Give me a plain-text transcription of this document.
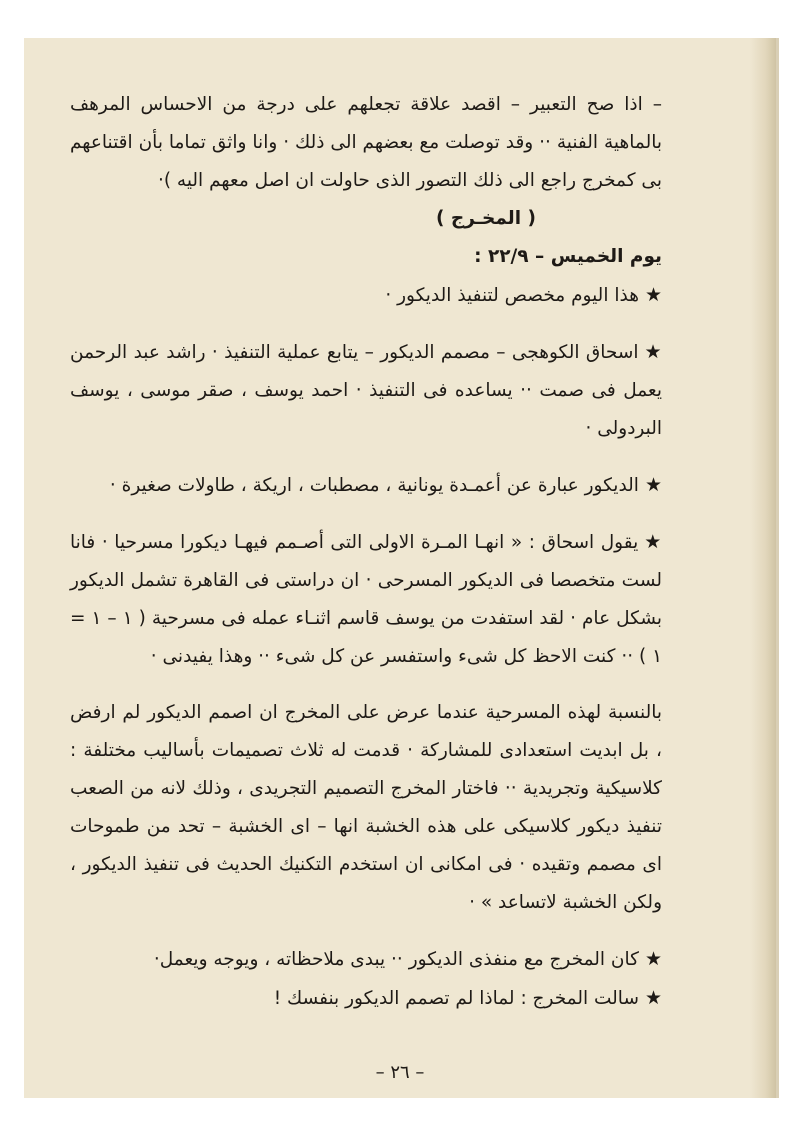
– اذا صح التعبير – اقصد علاقة تجعلهم على درجة من الاحساس المرهف بالماهية الفنية ·· وقد توصلت مع بعضهم الى ذلك · وانا واثق تماما بأن اقتناعهم بى كمخرج راجع الى ذلك التصور الذى حاولت ان اصل معهم اليه )·

( المخـرج )

يوم الخميس – ٢٢/٩ :

★هذا اليوم مخصص لتنفيذ الديكور ·

★اسحاق الكوهجى – مصمم الديكور – يتابع عملية التنفيذ · راشد عبد الرحمن يعمل فى صمت ·· يساعده فى التنفيذ · احمد يوسف ، صقر موسى ، يوسف البردولى ·

★الديكور عبارة عن أعمـدة يونانية ، مصطبات ، اريكة ، طاولات صغيرة ·

★يقول اسحاق : « انهـا المـرة الاولى التى أصـمم فيهـا ديكورا مسرحيا · فانا لست متخصصا فى الديكور المسرحى · ان دراستى فى القاهرة تشمل الديكور بشكل عام · لقد استفدت من يوسف قاسم اثنـاء عمله فى مسرحية ( ١ – ١ = ١ ) ·· كنت الاحظ كل شىء واستفسر عن كل شىء ·· وهذا يفيدنى ·

بالنسبة لهذه المسرحية عندما عرض على المخرج ان اصمم الديكور لم ارفض ، بل ابديت استعدادى للمشاركة · قدمت له ثلاث تصميمات بأساليب مختلفة : كلاسيكية وتجريدية ·· فاختار المخرج التصميم التجريدى ، وذلك لانه من الصعب تنفيذ ديكور كلاسيكى على هذه الخشبة انها – اى الخشبة – تحد من طموحات اى مصمم وتقيده · فى امكانى ان استخدم التكنيك الحديث فى تنفيذ الديكور ، ولكن الخشبة لاتساعد » ·

★كان المخرج مع منفذى الديكور ·· يبدى ملاحظاته ، ويوجه ويعمل·

★سالت المخرج : لماذا لم تصمم الديكور بنفسك !

– ٢٦ –
